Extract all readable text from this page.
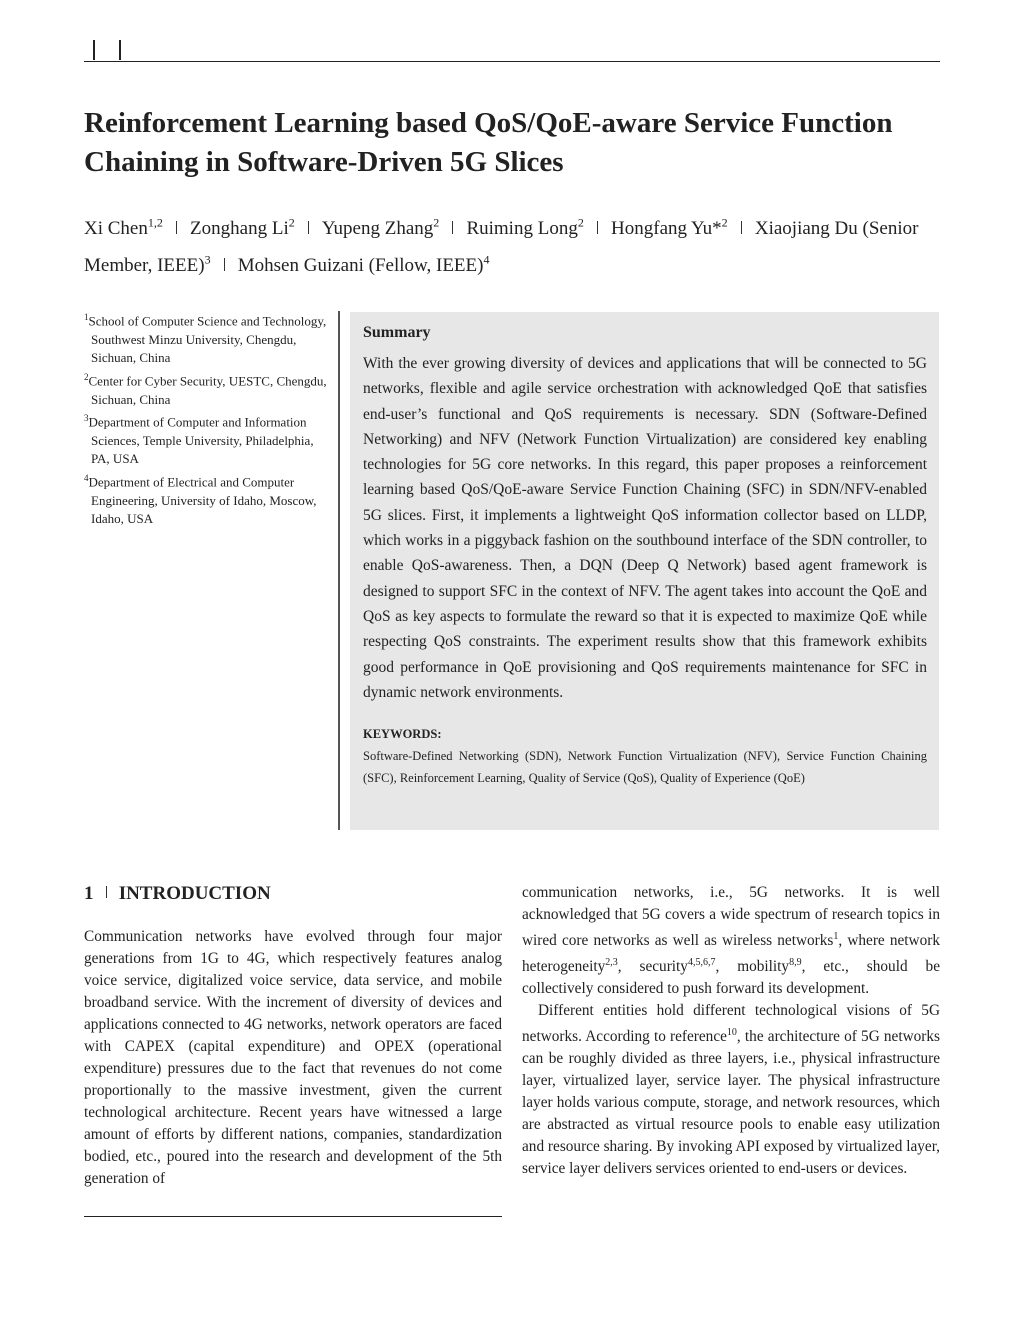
Reinforcement Learning based QoS/QoE-aware Service Function Chaining in Software-Driven 5G Slices
Xi Chen$^{1,2}$ Zonghang Li$^2$ Yupeng Zhang$^2$ Ruiming Long$^2$ Hongfang Yu*$^2$ Xiaojiang Du (Senior Member, IEEE)$^3$ Mohsen Guizani (Fellow, IEEE)$^4$
$^1$School of Computer Science and Technology, Southwest Minzu University, Chengdu, Sichuan, China
$^2$Center for Cyber Security, UESTC, Chengdu, Sichuan, China
$^3$Department of Computer and Information Sciences, Temple University, Philadelphia, PA, USA
$^4$Department of Electrical and Computer Engineering, University of Idaho, Moscow, Idaho, USA
Summary
With the ever growing diversity of devices and applications that will be connected to 5G networks, flexible and agile service orchestration with acknowledged QoE that satisfies end-user’s functional and QoS requirements is necessary. SDN (Software-Defined Networking) and NFV (Network Function Virtualization) are considered key enabling technologies for 5G core networks. In this regard, this paper proposes a reinforcement learning based QoS/QoE-aware Service Function Chaining (SFC) in SDN/NFV-enabled 5G slices. First, it implements a lightweight QoS information collector based on LLDP, which works in a piggyback fashion on the southbound interface of the SDN controller, to enable QoS-awareness. Then, a DQN (Deep Q Network) based agent framework is designed to support SFC in the context of NFV. The agent takes into account the QoE and QoS as key aspects to formulate the reward so that it is expected to maximize QoE while respecting QoS constraints. The experiment results show that this framework exhibits good performance in QoE provisioning and QoS requirements maintenance for SFC in dynamic network environments.
KEYWORDS:
Software-Defined Networking (SDN), Network Function Virtualization (NFV), Service Function Chaining (SFC), Reinforcement Learning, Quality of Service (QoS), Quality of Experience (QoE)
1 INTRODUCTION

Communication networks have evolved through four major generations from 1G to 4G, which respectively features analog voice service, digitalized voice service, data service, and mobile broadband service. With the increment of diversity of devices and applications connected to 4G networks, network operators are faced with CAPEX (capital expenditure) and OPEX (operational expenditure) pressures due to the fact that revenues do not come proportionally to the massive investment, given the current technological architecture. Recent years have witnessed a large amount of efforts by different nations, companies, standardization bodied, etc., poured into the research and development of the 5th generation of

communication networks, i.e., 5G networks. It is well acknowledged that 5G covers a wide spectrum of research topics in wired core networks as well as wireless networks$^1$, where network heterogeneity$^{2,3}$, security$^{4,5,6,7}$, mobility$^{8,9}$, etc., should be collectively considered to push forward its development.

Different entities hold different technological visions of 5G networks. According to reference$^{10}$, the architecture of 5G networks can be roughly divided as three layers, i.e., physical infrastructure layer, virtualized layer, service layer. The physical infrastructure layer holds various compute, storage, and network resources, which are abstracted as virtual resource pools to enable easy utilization and resource sharing. By invoking API exposed by virtualized layer, service layer delivers services oriented to end-users or devices.
